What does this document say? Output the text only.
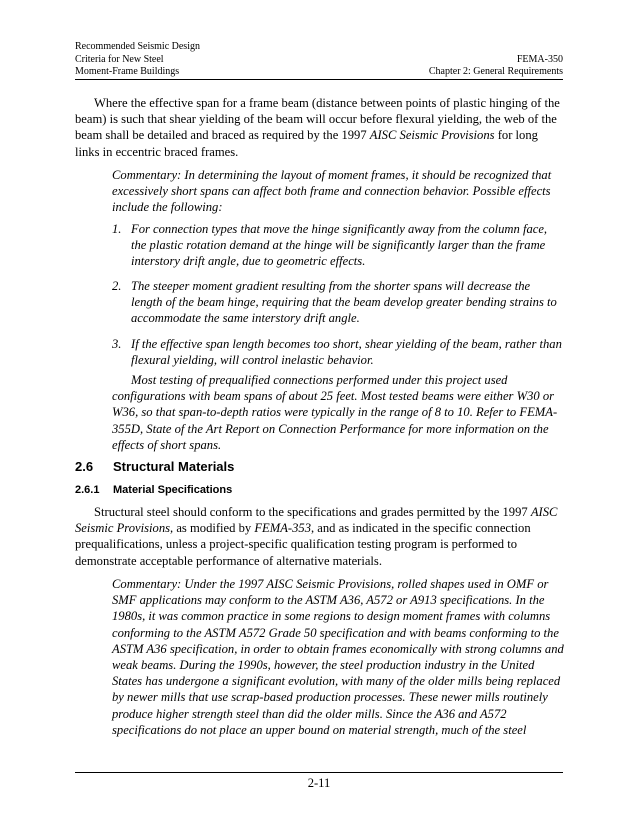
Recommended Seismic Design
Criteria for New Steel
Moment-Frame Buildings
FEMA-350
Chapter 2: General Requirements

Where the effective span for a frame beam (distance between points of plastic hinging of the beam) is such that shear yielding of the beam will occur before flexural yielding, the web of the beam shall be detailed and braced as required by the 1997 AISC Seismic Provisions for long links in eccentric braced frames.

Commentary: In determining the layout of moment frames, it should be recognized that excessively short spans can affect both frame and connection behavior. Possible effects include the following:

1. For connection types that move the hinge significantly away from the column face, the plastic rotation demand at the hinge will be significantly larger than the frame interstory drift angle, due to geometric effects.
2. The steeper moment gradient resulting from the shorter spans will decrease the length of the beam hinge, requiring that the beam develop greater bending strains to accommodate the same interstory drift angle.
3. If the effective span length becomes too short, shear yielding of the beam, rather than flexural yielding, will control inelastic behavior.

Most testing of prequalified connections performed under this project used configurations with beam spans of about 25 feet. Most tested beams were either W30 or W36, so that span-to-depth ratios were typically in the range of 8 to 10. Refer to FEMA-355D, State of the Art Report on Connection Performance for more information on the effects of short spans.

2.6 Structural Materials
2.6.1 Material Specifications

Structural steel should conform to the specifications and grades permitted by the 1997 AISC Seismic Provisions, as modified by FEMA-353, and as indicated in the specific connection prequalifications, unless a project-specific qualification testing program is performed to demonstrate acceptable performance of alternative materials.

Commentary: Under the 1997 AISC Seismic Provisions, rolled shapes used in OMF or SMF applications may conform to the ASTM A36, A572 or A913 specifications. In the 1980s, it was common practice in some regions to design moment frames with columns conforming to the ASTM A572 Grade 50 specification and with beams conforming to the ASTM A36 specification, in order to obtain frames economically with strong columns and weak beams. During the 1990s, however, the steel production industry in the United States has undergone a significant evolution, with many of the older mills being replaced by newer mills that use scrap-based production processes. These newer mills routinely produce higher strength steel than did the older mills. Since the A36 and A572 specifications do not place an upper bound on material strength, much of the steel

2-11
